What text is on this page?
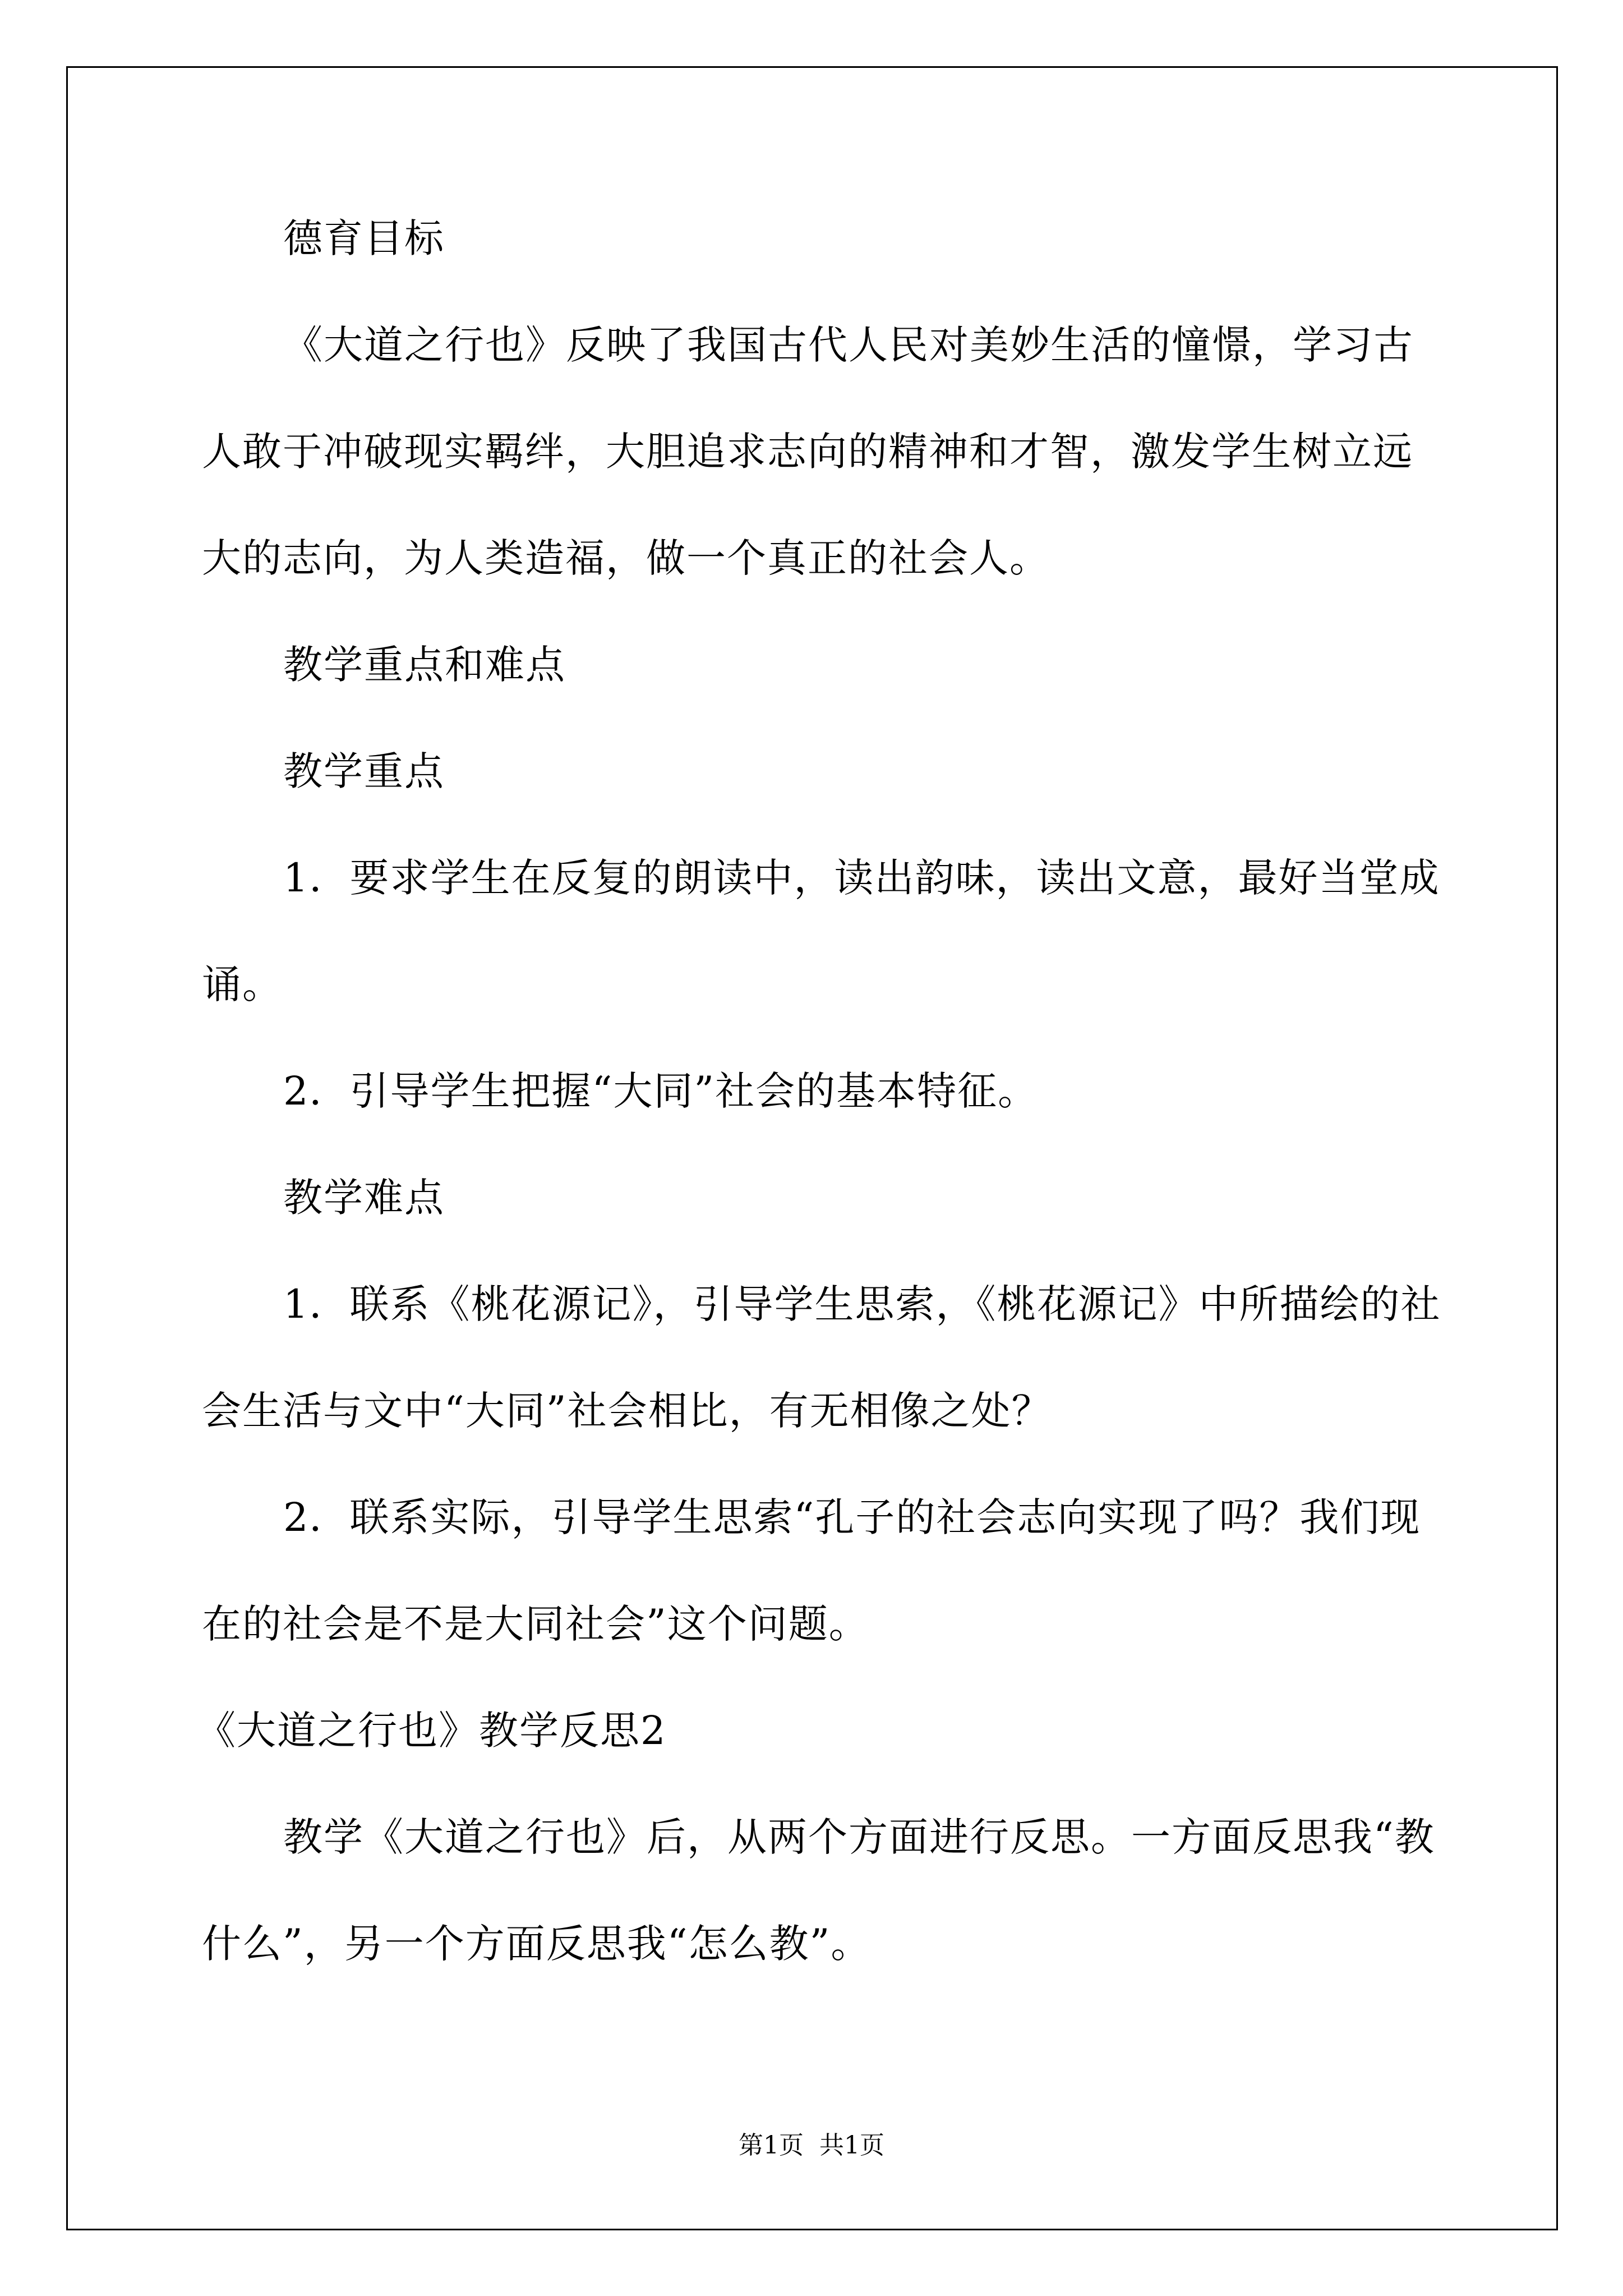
德育目标
《大道之行也》反映了我国古代人民对美妙生活的憧憬，学习古
人敢于冲破现实羁绊，大胆追求志向的精神和才智，激发学生树立远
大的志向，为人类造福，做一个真正的社会人。
教学重点和难点
教学重点
1．要求学生在反复的朗读中，读出韵味，读出文意，最好当堂成
诵。
2．引导学生把握“大同”社会的基本特征。
教学难点
1．联系《桃花源记》，引导学生思索，《桃花源记》中所描绘的社
会生活与文中“大同”社会相比，有无相像之处？
2．联系实际，引导学生思索“孔子的社会志向实现了吗？我们现
在的社会是不是大同社会”这个问题。
《大道之行也》教学反思2
教学《大道之行也》后，从两个方面进行反思。一方面反思我“教
什么”，另一个方面反思我“怎么教”。
第1页 共1页
